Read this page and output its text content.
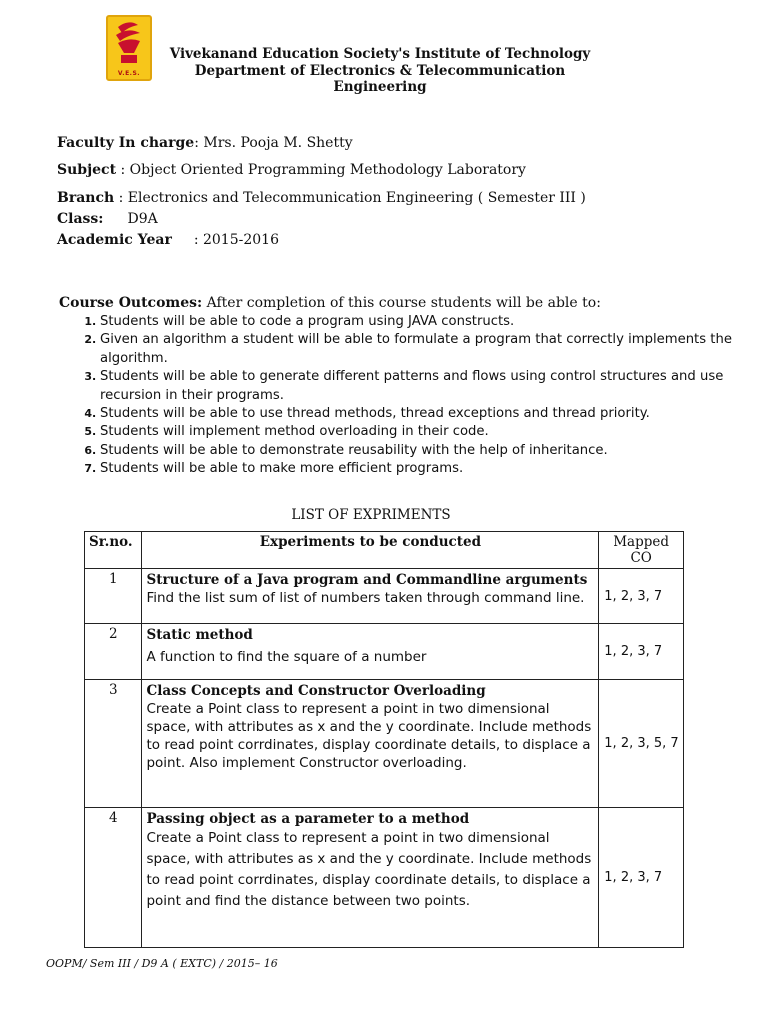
V.E.S.
Vivekanand Education Society's Institute of Technology
Department of Electronics & Telecommunication Engineering
Faculty In charge: Mrs. Pooja M. Shetty
Subject : Object Oriented Programming Methodology Laboratory
Branch : Electronics and Telecommunication Engineering ( Semester III )
Class: D9A
Academic Year : 2015-2016
Course Outcomes: After completion of this course students will be able to:
1. Students will be able to code a program using JAVA constructs.
2. Given an algorithm a student will be able to formulate a program that correctly implements the algorithm.
3. Students will be able to generate different patterns and flows using control structures and use recursion in their programs.
4. Students will be able to use thread methods, thread exceptions and thread priority.
5. Students will implement method overloading in their code.
6. Students will be able to demonstrate reusability with the help of inheritance.
7. Students will be able to make more efficient programs.
LIST OF EXPRIMENTS
Sr.no.	Experiments to be conducted	Mapped CO
1	Structure of a Java program and Commandline arguments
Find the list sum of list of numbers taken through command line.	1, 2, 3, 7
2	Static method
A function to find the square of a number	1, 2, 3, 7
3	Class Concepts and Constructor Overloading
Create a Point class to represent a point in two dimensional space, with attributes as x and the y coordinate. Include methods to read point corrdinates, display coordinate details, to displace a point. Also implement Constructor overloading.	1, 2, 3, 5, 7
4	Passing object as a parameter to a method
Create a Point class to represent a point in two dimensional space, with attributes as x and the y coordinate. Include methods to read point corrdinates, display coordinate details, to displace a point and find the distance between two points.	1, 2, 3, 7
OOPM/ Sem III / D9 A ( EXTC) / 2015– 16
